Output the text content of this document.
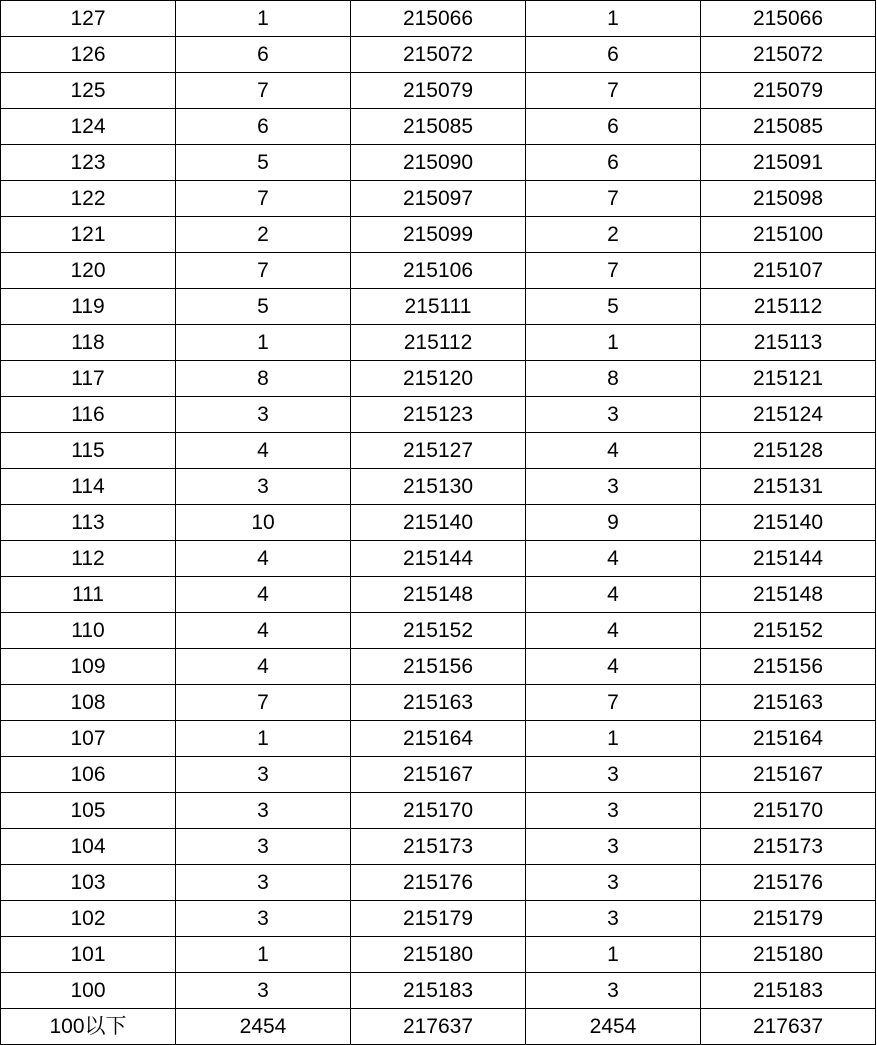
127	1	215066	1	215066
126	6	215072	6	215072
125	7	215079	7	215079
124	6	215085	6	215085
123	5	215090	6	215091
122	7	215097	7	215098
121	2	215099	2	215100
120	7	215106	7	215107
119	5	215111	5	215112
118	1	215112	1	215113
117	8	215120	8	215121
116	3	215123	3	215124
115	4	215127	4	215128
114	3	215130	3	215131
113	10	215140	9	215140
112	4	215144	4	215144
111	4	215148	4	215148
110	4	215152	4	215152
109	4	215156	4	215156
108	7	215163	7	215163
107	1	215164	1	215164
106	3	215167	3	215167
105	3	215170	3	215170
104	3	215173	3	215173
103	3	215176	3	215176
102	3	215179	3	215179
101	1	215180	1	215180
100	3	215183	3	215183
100以下	2454	217637	2454	217637
